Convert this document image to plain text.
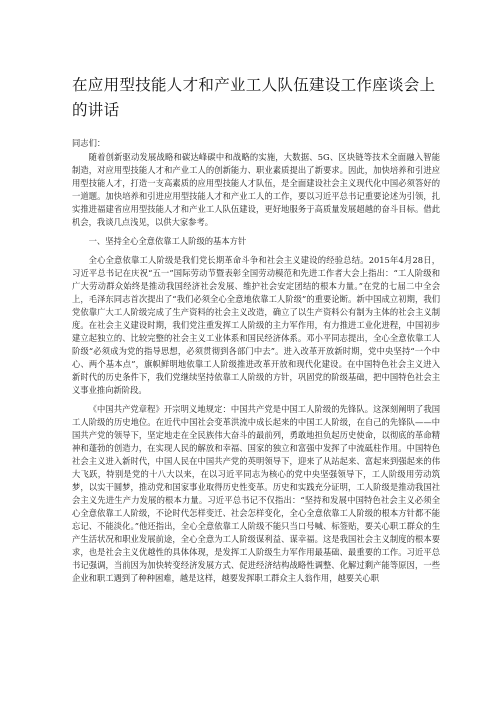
在应用型技能人才和产业工人队伍建设工作座谈会上的讲话

同志们：

随着创新驱动发展战略和碳达峰碳中和战略的实施，大数据、5G、区块链等技术全面融入智能制造，对应用型技能人才和产业工人的创新能力、职业素质提出了新要求。因此，加快培养和引进应用型技能人才，打造一支高素质的应用型技能人才队伍，是全面建设社会主义现代化中国必须答好的一道题。加快培养和引进应用型技能人才和产业工人的工作，要以习近平总书记重要论述为引领，扎实推进福建省应用型技能人才和产业工人队伍建设，更好地服务于高质量发展超越的奋斗目标。借此机会，我谈几点浅见，以供大家参考。

一、坚持全心全意依靠工人阶级的基本方针

全心全意依靠工人阶级是我们党长期革命斗争和社会主义建设的经验总结。2015年4月28日，习近平总书记在庆祝“五一”国际劳动节暨表彰全国劳动模范和先进工作者大会上指出：“工人阶级和广大劳动群众始终是推动我国经济社会发展、维护社会安定团结的根本力量。”在党的七届二中全会上，毛泽东同志首次提出了“我们必须全心全意地依靠工人阶级”的重要论断。新中国成立初期，我们党依靠广大工人阶级完成了生产资料的社会主义改造，确立了以生产资料公有制为主体的社会主义制度。在社会主义建设时期，我们党注重发挥工人阶级的主力军作用，有力推进工业化进程，中国初步建立起独立的、比较完整的社会主义工业体系和国民经济体系。邓小平同志提出，全心全意依靠工人阶级“必须成为党的指导思想，必须贯彻到各部门中去”。进入改革开放新时期，党中央坚持“一个中心、两个基本点”，旗帜鲜明地依靠工人阶级推进改革开放和现代化建设。在中国特色社会主义进入新时代的历史条件下，我们党继续坚持依靠工人阶级的方针，巩固党的阶级基础，把中国特色社会主义事业推向新阶段。

《中国共产党章程》开宗明义地规定：中国共产党是中国工人阶级的先锋队。这深刻阐明了我国工人阶级的历史地位。在近代中国社会变革洪流中成长起来的中国工人阶级，在自己的先锋队——中国共产党的领导下，坚定地走在全民族伟大奋斗的最前列，勇敢地担负起历史使命，以彻底的革命精神和蓬勃的创造力，在实现人民的解放和幸福、国家的独立和富强中发挥了中流砥柱作用。中国特色社会主义进入新时代，中国人民在中国共产党的英明领导下，迎来了从站起来、富起来到强起来的伟大飞跃，特别是党的十八大以来，在以习近平同志为核心的党中央坚强领导下，工人阶级用劳动筑梦，以实干圆梦，推动党和国家事业取得历史性变革。历史和实践充分证明，工人阶级是推动我国社会主义先进生产力发展的根本力量。习近平总书记不仅指出：“坚持和发展中国特色社会主义必须全心全意依靠工人阶级，不论时代怎样变迁、社会怎样变化，全心全意依靠工人阶级的根本方针都不能忘记、不能淡化。”他还指出，全心全意依靠工人阶级不能只当口号喊、标签贴，要关心职工群众的生产生活状况和职业发展前途，全心全意为工人阶级谋利益、谋幸福。这是我国社会主义制度的根本要求，也是社会主义优越性的具体体现，是发挥工人阶级生力军作用最基础、最重要的工作。习近平总书记强调，当前因为加快转变经济发展方式、促进经济结构战略性调整、化解过剩产能等原因，一些企业和职工遇到了种种困难，越是这样，越要发挥职工群众主人翁作用，越要关心职
